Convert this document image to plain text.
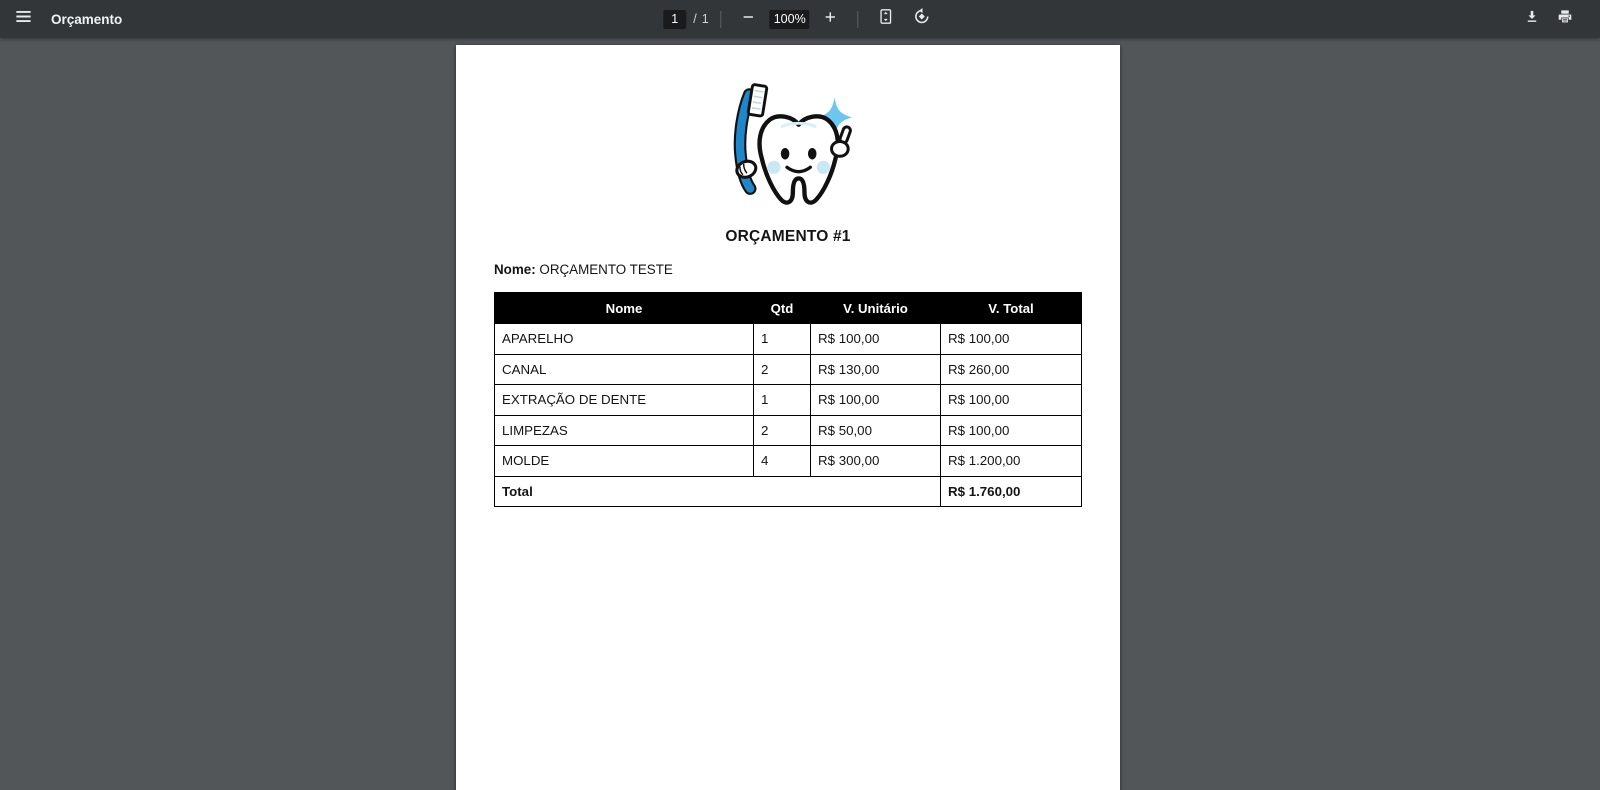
Orçamento	1	/ 1	100%
ORÇAMENTO #1
Nome: ORÇAMENTO TESTE
Nome	Qtd	V. Unitário	V. Total
APARELHO	1	R$ 100,00	R$ 100,00
CANAL	2	R$ 130,00	R$ 260,00
EXTRAÇÃO DE DENTE	1	R$ 100,00	R$ 100,00
LIMPEZAS	2	R$ 50,00	R$ 100,00
MOLDE	4	R$ 300,00	R$ 1.200,00
Total			R$ 1.760,00
